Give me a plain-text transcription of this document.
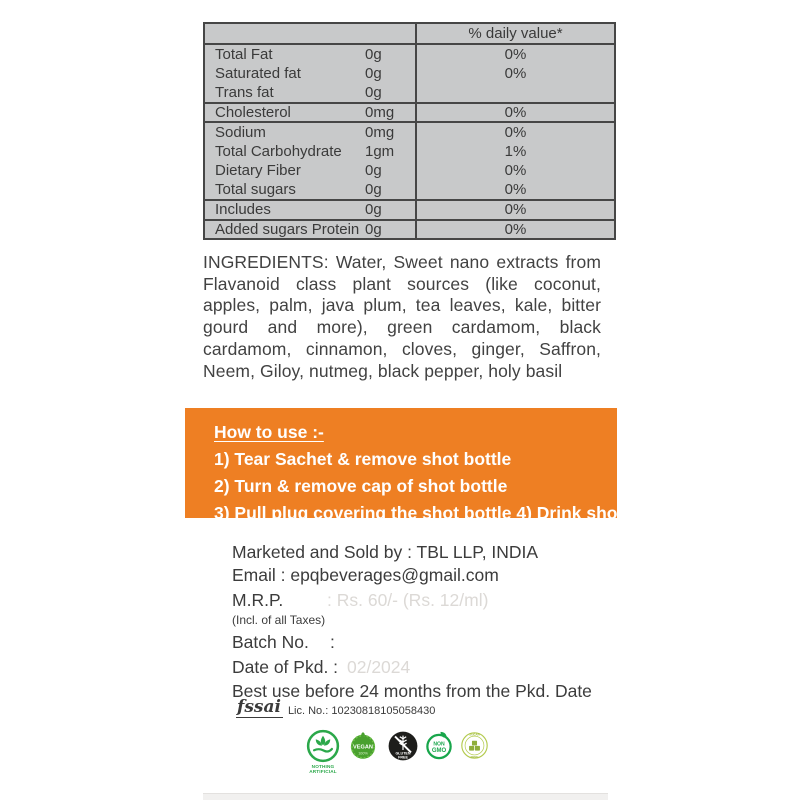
		% daily value*
Total Fat	0g	0%
Saturated fat	0g	0%
Trans fat	0g	
Cholesterol	0mg	0%
Sodium	0mg	0%
Total Carbohydrate	1gm	1%
Dietary Fiber	0g	0%
Total sugars	0g	0%
Includes	0g	0%
Added sugars Protein	0g	0%
INGREDIENTS: Water, Sweet nano extracts from Flavanoid class plant sources (like coconut, apples, palm, java plum, tea leaves, kale, bitter gourd and more), green cardamom, black cardamom, cinnamon, cloves, ginger, Saffron, Neem, Giloy, nutmeg, black pepper, holy basil
How to use :-
1) Tear Sachet & remove shot bottle
2) Turn & remove cap of shot bottle
3) Pull plug covering the shot bottle 4) Drink shot
Marketed and Sold by : TBL LLP, INDIA
Email : epqbeverages@gmail.com
M.R.P.	: Rs. 60/- (Rs. 12/ml)
(Incl. of all Taxes)
Batch No. :
Date of Pkd. : 02/2024
Best use before 24 months from the Pkd. Date
fssai Lic. No.: 10230818105058430
NOTHING
ARTIFICIAL
VEGAN
100%	GLUTEN
FREE
NON
GMO
SUGAR
FREE
